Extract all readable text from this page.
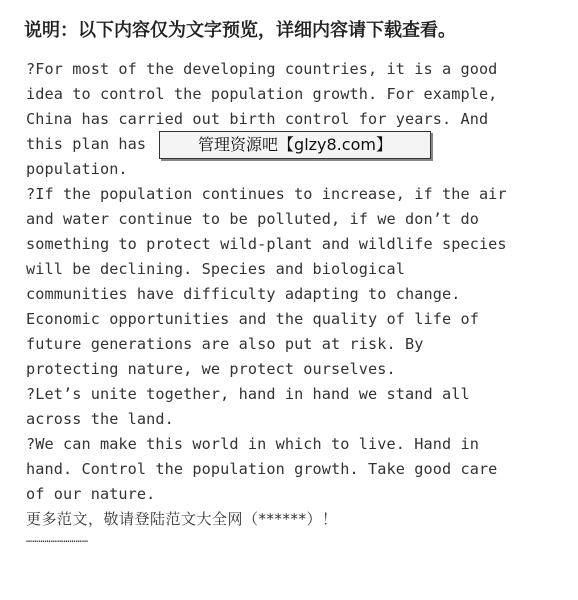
说明：以下内容仅为文字预览，详细内容请下载查看。
?For most of the developing countries, it is a good
idea to control the population growth. For example,
China has carried out birth control for years. And
this plan has
population.
?If the population continues to increase, if the air
and water continue to be polluted, if we don’t do
something to protect wild-plant and wildlife species
will be declining. Species and biological
communities have difficulty adapting to change.
Economic opportunities and the quality of life of
future generations are also put at risk. By
protecting nature, we protect ourselves.
?Let’s unite together, hand in hand we stand all
across the land.
?We can make this world in which to live. Hand in
hand. Control the population growth. Take good care
of our nature.
更多范文，敬请登陆范文大全网（******）！
…………………………
管理资源吧【glzy8.com】
